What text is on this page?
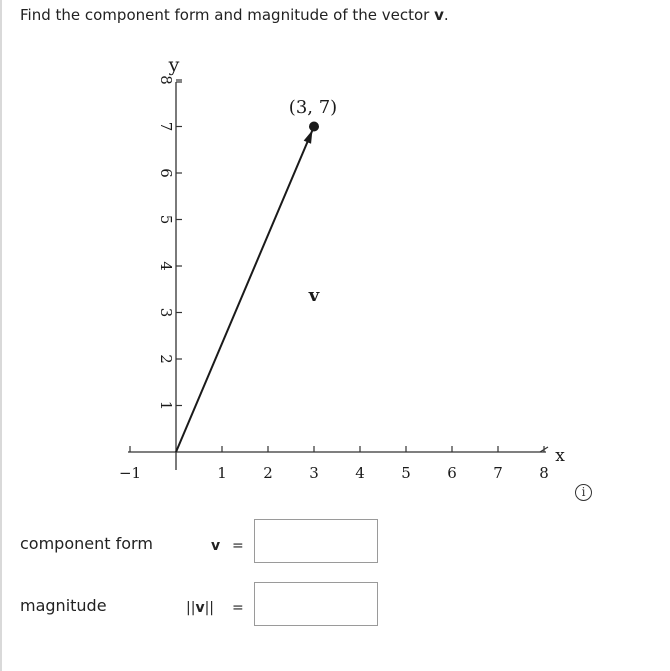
Find the component form and magnitude of the vector v.
−1	1 2 3 4 5 6 7 8
1
2
3
4
5
6
7
8
y
x
(3, 7)
v
i
component form	v =
magnitude	||v|| =
